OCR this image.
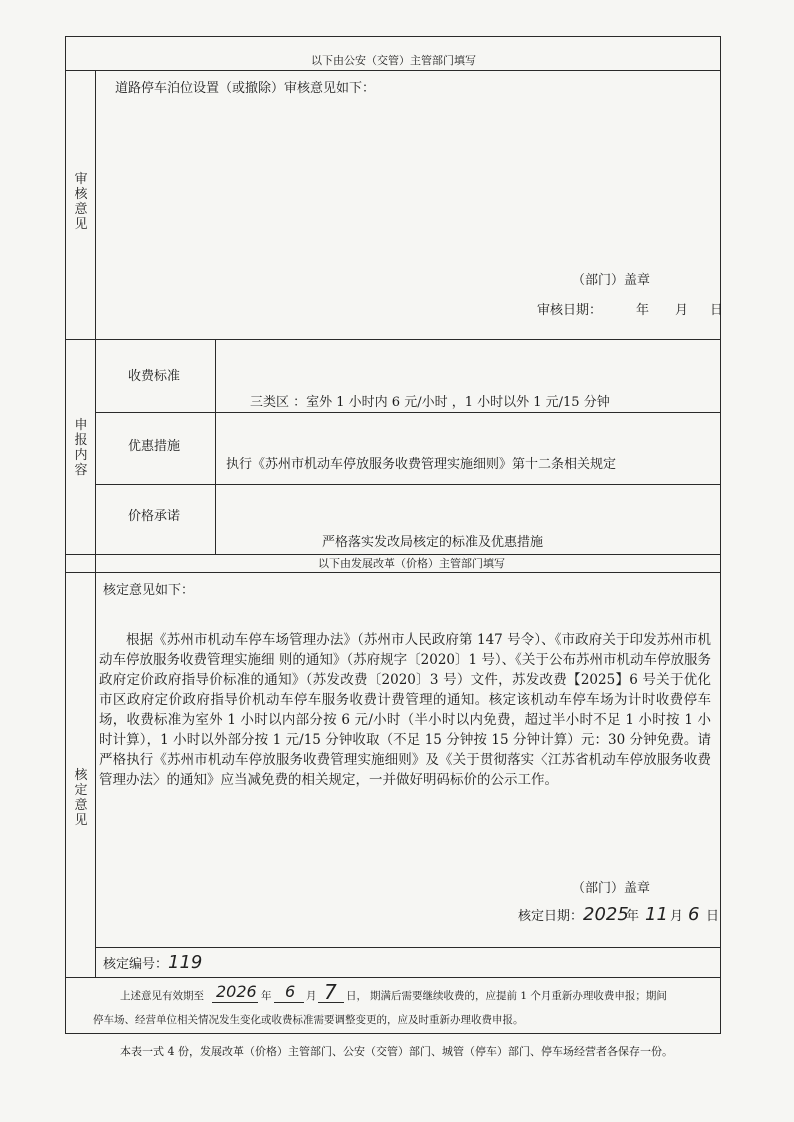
以下由公安（交管）主管部门填写
审核意见
道路停车泊位设置（或撤除）审核意见如下：
（部门）盖章
审核日期：	年 月 日
申报内容
收费标准
三类区 ：室外 1 小时内 6 元/小时 ，1 小时以外 1 元/15 分钟
优惠措施
执行《苏州市机动车停放服务收费管理实施细则》第十二条相关规定
价格承诺
严格落实发改局核定的标准及优惠措施
以下由发展改革（价格）主管部门填写
核定意见
核定意见如下：
根据《苏州市机动车停车场管理办法》（苏州市人民政府第 147 号令）、《市政府关于印发苏州市机动车停放服务收费管理实施细 则的通知》（苏府规字〔2020〕1 号）、《关于公布苏州市机动车停放服务政府定价政府指导价标准的通知》（苏发改费〔2020〕3 号）文件，苏发改费【2025】6 号关于优化市区政府定价政府指导价机动车停车服务收费计费管理的通知。核定该机动车停车场为计时收费停车场，收费标准为室外 1 小时以内部分按 6 元/小时（半小时以内免费，超过半小时不足 1 小时按 1 小时计算），1 小时以外部分按 1 元/15 分钟收取（不足 15 分钟按 15 分钟计算）元：30 分钟免费。请严格执行《苏州市机动车停放服务收费管理实施细则》及《关于贯彻落实〈江苏省机动车停放服务收费管理办法〉的通知》应当减免费的相关规定，一并做好明码标价的公示工作。
（部门）盖章
核定日期： 2025
年 11 月 6 日
核定编号： 119
上述意见有效期至 2026 年 6 月 7 日， 期满后需要继续收费的，应提前 1 个月重新办理收费申报；期间
停车场、经营单位相关情况发生变化或收费标准需要调整变更的，应及时重新办理收费申报。
本表一式 4 份，发展改革（价格）主管部门、公安（交管）部门、城管（停车）部门、停车场经营者各保存一份。
